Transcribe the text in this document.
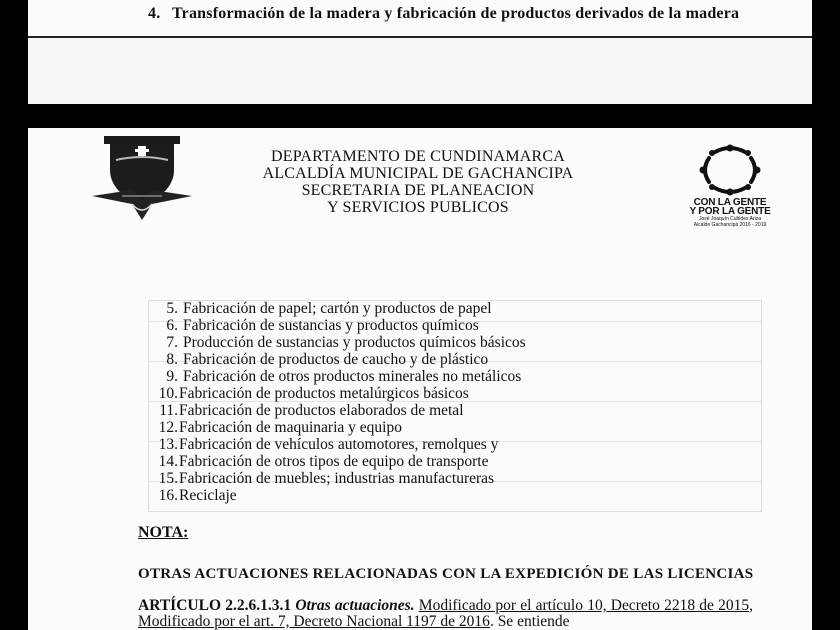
4. Transformación de la madera y fabricación de productos derivados de la madera
DEPARTAMENTO DE CUNDINAMARCA
ALCALDÍA MUNICIPAL DE GACHANCIPA
SECRETARIA DE PLANEACION
Y SERVICIOS PUBLICOS	CON LA GENTE
Y POR LA GENTE
José Joaquín Cubides Ariza
Alcalde Gachancipá 2016 - 2019
5. Fabricación de papel; cartón y productos de papel
6. Fabricación de sustancias y productos químicos
7. Producción de sustancias y productos químicos básicos
8. Fabricación de productos de caucho y de plástico
9. Fabricación de otros productos minerales no metálicos
10.Fabricación de productos metalúrgicos básicos
11.Fabricación de productos elaborados de metal
12.Fabricación de maquinaria y equipo
13.Fabricación de vehículos automotores, remolques y
14.Fabricación de otros tipos de equipo de transporte
15.Fabricación de muebles; industrias manufactureras
16.Reciclaje
NOTA:
OTRAS ACTUACIONES RELACIONADAS CON LA EXPEDICIÓN DE LAS LICENCIAS
ARTÍCULO 2.2.6.1.3.1 Otras actuaciones. Modificado por el artículo 10, Decreto 2218 de 2015, Modificado por el art. 7, Decreto Nacional 1197 de 2016. Se entiende
